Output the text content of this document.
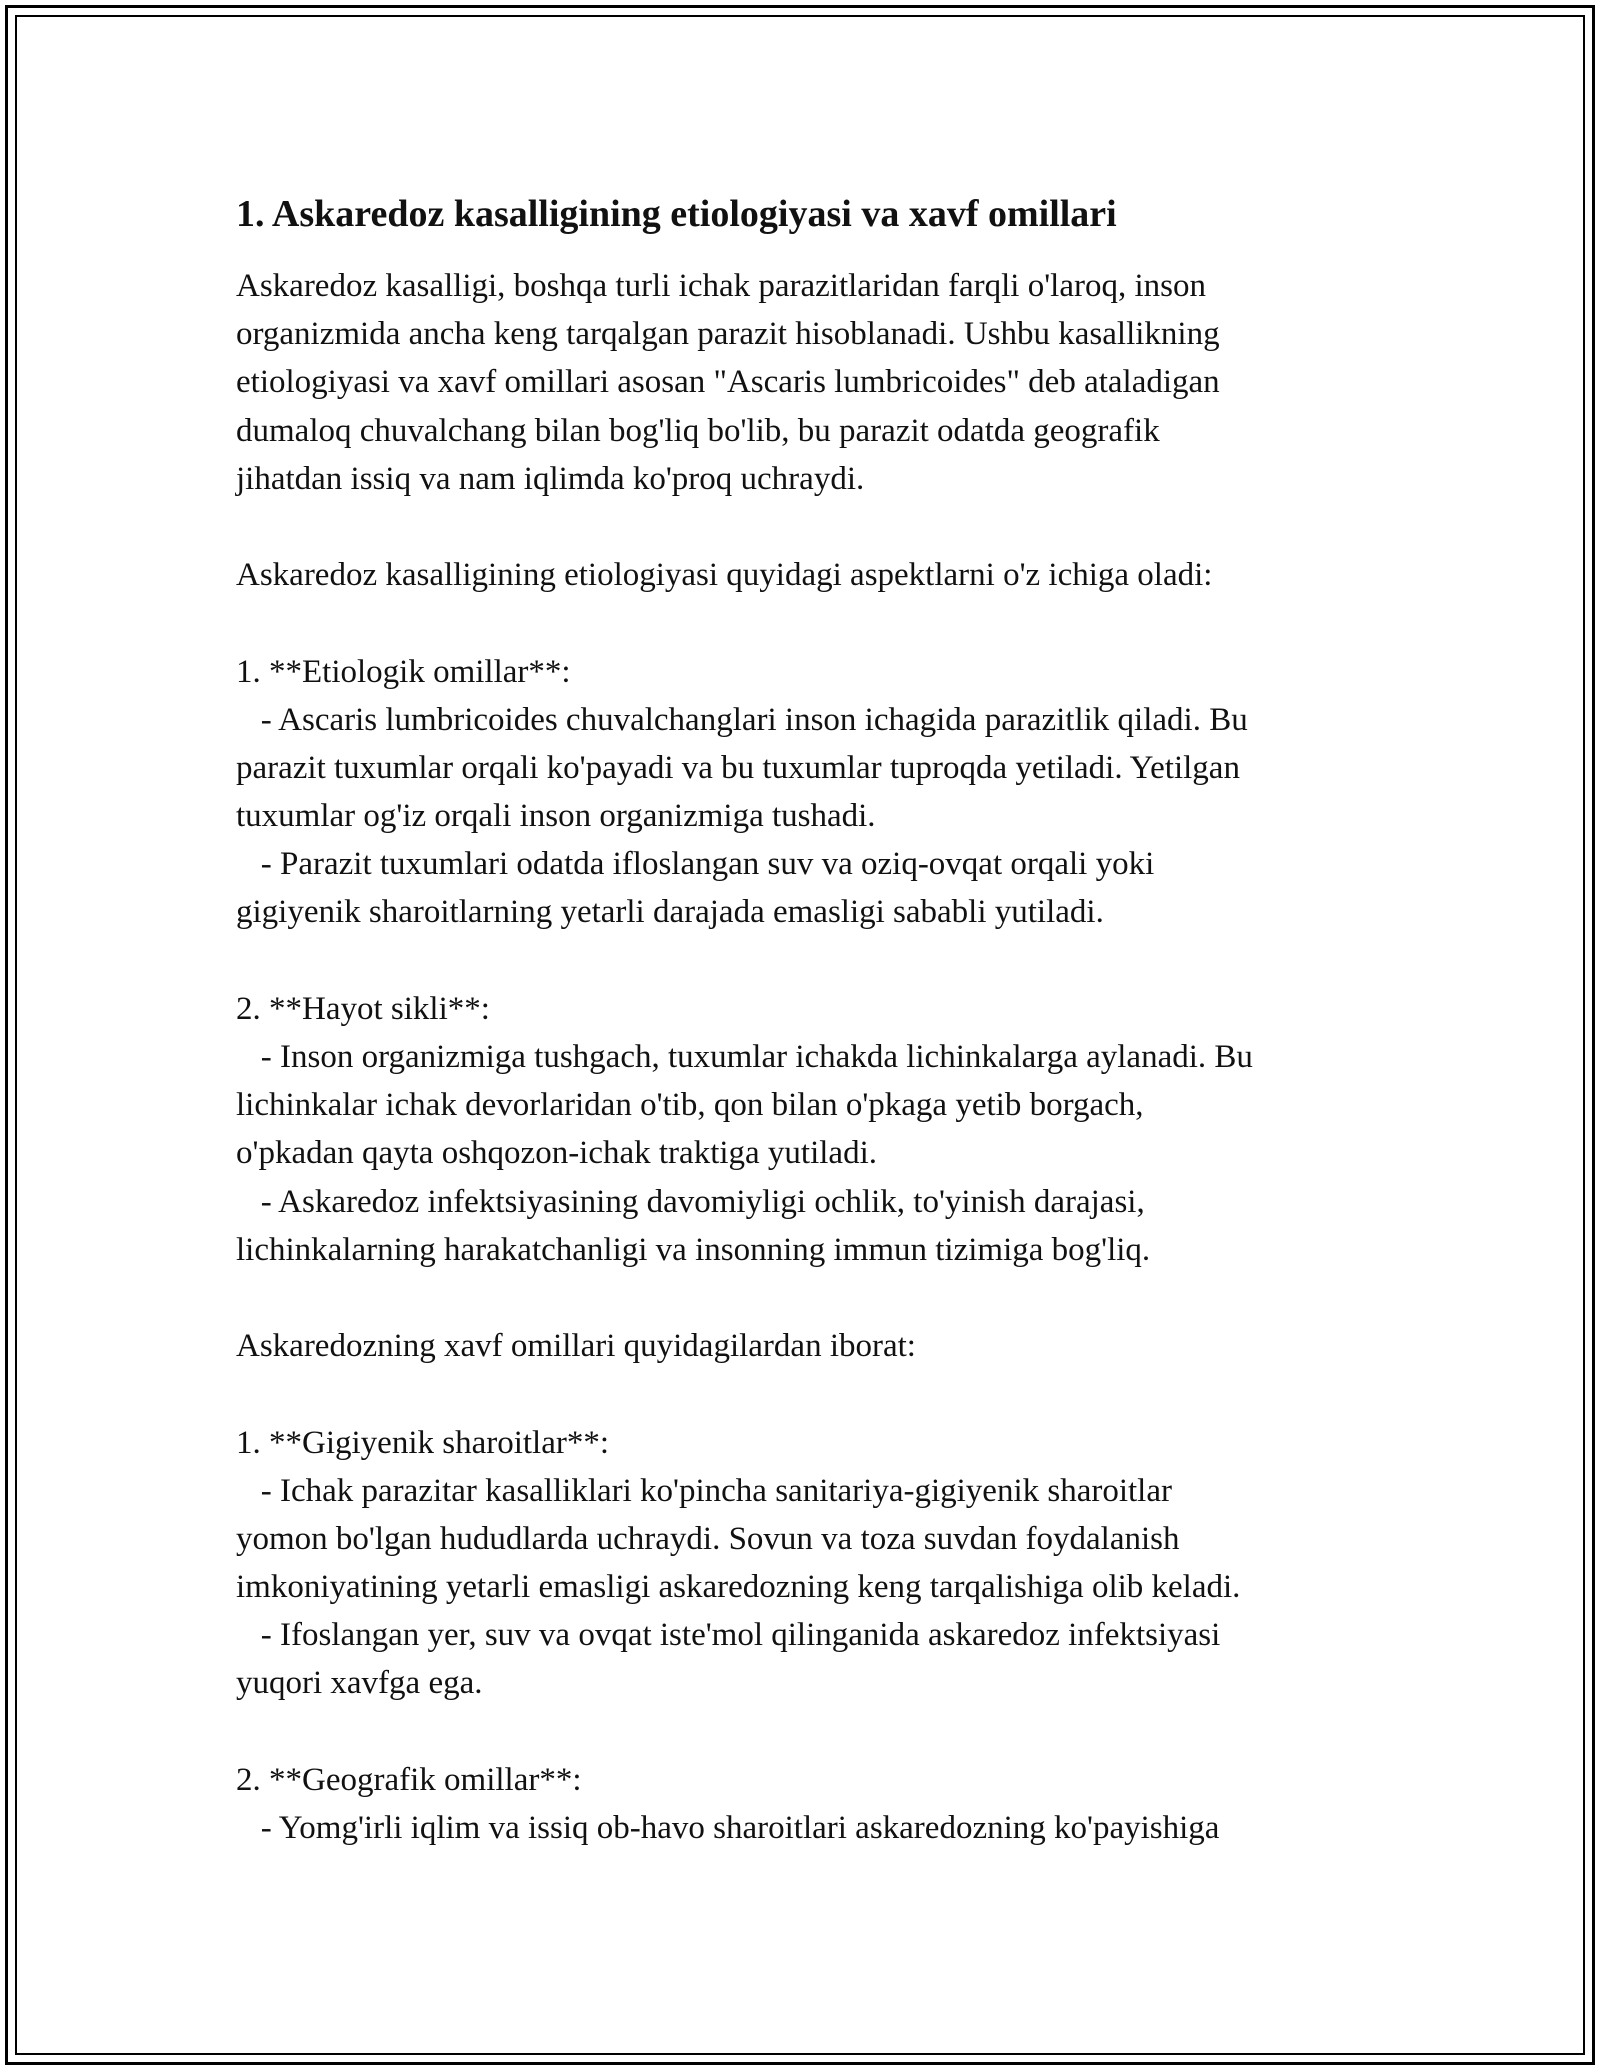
1. Askaredoz kasalligining etiologiyasi va xavf omillari
Askaredoz kasalligi, boshqa turli ichak parazitlaridan farqli o'laroq, inson
organizmida ancha keng tarqalgan parazit hisoblanadi. Ushbu kasallikning
etiologiyasi va xavf omillari asosan "Ascaris lumbricoides" deb ataladigan
dumaloq chuvalchang bilan bog'liq bo'lib, bu parazit odatda geografik
jihatdan issiq va nam iqlimda ko'proq uchraydi.
Askaredoz kasalligining etiologiyasi quyidagi aspektlarni o'z ichiga oladi:
1. **Etiologik omillar**:
- Ascaris lumbricoides chuvalchanglari inson ichagida parazitlik qiladi. Bu
parazit tuxumlar orqali ko'payadi va bu tuxumlar tuproqda yetiladi. Yetilgan
tuxumlar og'iz orqali inson organizmiga tushadi.
- Parazit tuxumlari odatda ifloslangan suv va oziq-ovqat orqali yoki
gigiyenik sharoitlarning yetarli darajada emasligi sababli yutiladi.
2. **Hayot sikli**:
- Inson organizmiga tushgach, tuxumlar ichakda lichinkalarga aylanadi. Bu
lichinkalar ichak devorlaridan o'tib, qon bilan o'pkaga yetib borgach,
o'pkadan qayta oshqozon-ichak traktiga yutiladi.
- Askaredoz infektsiyasining davomiyligi ochlik, to'yinish darajasi,
lichinkalarning harakatchanligi va insonning immun tizimiga bog'liq.
Askaredozning xavf omillari quyidagilardan iborat:
1. **Gigiyenik sharoitlar**:
- Ichak parazitar kasalliklari ko'pincha sanitariya-gigiyenik sharoitlar
yomon bo'lgan hududlarda uchraydi. Sovun va toza suvdan foydalanish
imkoniyatining yetarli emasligi askaredozning keng tarqalishiga olib keladi.
- Ifoslangan yer, suv va ovqat iste'mol qilinganida askaredoz infektsiyasi
yuqori xavfga ega.
2. **Geografik omillar**:
- Yomg'irli iqlim va issiq ob-havo sharoitlari askaredozning ko'payishiga
